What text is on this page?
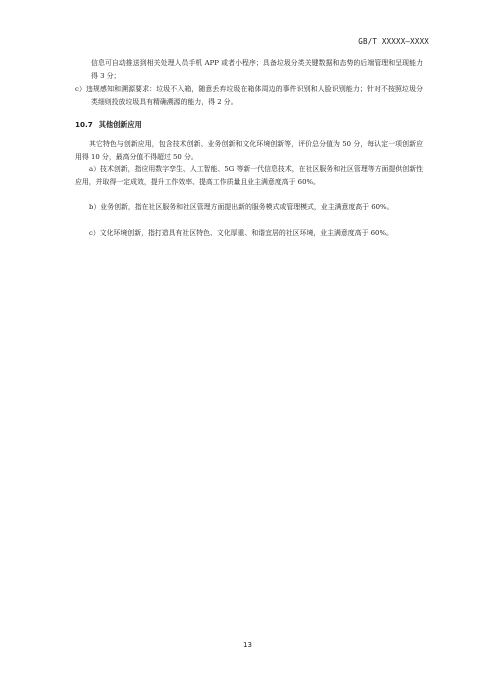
GB/T XXXXX—XXXX

信息可自动推送到相关处理人员手机 APP 或者小程序；具备垃圾分类关键数据和态势的后端管理和呈现能力 得 3 分；

c）违规感知和溯源要求：垃圾不入箱，随意丢弃垃圾在箱体周边的事件识别和人脸识别能力；针对不按照垃圾分类细则投放垃圾具有精确溯源的能力，得 2 分。

10.7 其他创新应用

其它特色与创新应用，包含技术创新、业务创新和文化环境创新等，评价总分值为 50 分，每认定一项创新应用得 10 分，最高分值不得超过 50 分。

a）技术创新，指应用数字孪生、人工智能、5G 等新一代信息技术，在社区服务和社区管理等方面提供创新性应用，并取得一定成效，提升工作效率、提高工作质量且业主满意度高于 60%。

b）业务创新，指在社区服务和社区管理方面提出新的服务模式或管理模式，业主满意度高于 60%。

c）文化环境创新，指打造具有社区特色、文化厚重、和谐宜居的社区环境，业主满意度高于 60%。

13
